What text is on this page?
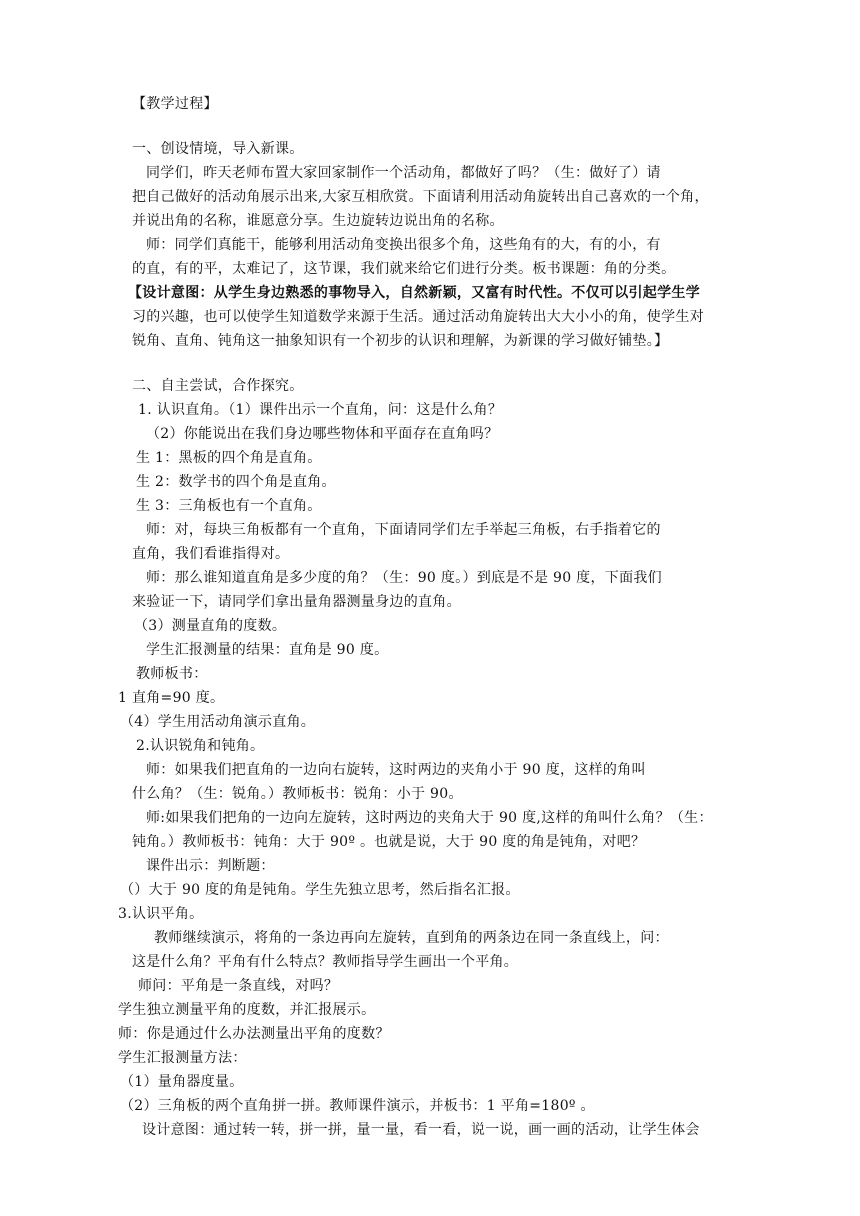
【教学过程】
一、创设情境，导入新课。
同学们，昨天老师布置大家回家制作一个活动角，都做好了吗？（生：做好了）请
把自己做好的活动角展示出来,大家互相欣赏。下面请利用活动角旋转出自己喜欢的一个角，
并说出角的名称，谁愿意分享。生边旋转边说出角的名称。
师：同学们真能干，能够利用活动角变换出很多个角，这些角有的大，有的小，有
的直，有的平，太难记了，这节课，我们就来给它们进行分类。板书课题：角的分类。
【设计意图：从学生身边熟悉的事物导入，自然新颖，又富有时代性。不仅可以引起学生学
习的兴趣，也可以使学生知道数学来源于生活。通过活动角旋转出大大小小的角，使学生对
锐角、直角、钝角这一抽象知识有一个初步的认识和理解，为新课的学习做好铺垫。】
二、自主尝试，合作探究。
1. 认识直角。（1）课件出示一个直角，问：这是什么角？
（2）你能说出在我们身边哪些物体和平面存在直角吗？
生 1：黑板的四个角是直角。
生 2：数学书的四个角是直角。
生 3：三角板也有一个直角。
师：对，每块三角板都有一个直角，下面请同学们左手举起三角板，右手指着它的
直角，我们看谁指得对。
师：那么谁知道直角是多少度的角？（生：90 度。）到底是不是 90 度，下面我们
来验证一下，请同学们拿出量角器测量身边的直角。
（3）测量直角的度数。
学生汇报测量的结果：直角是 90 度。
教师板书：
1 直角=90 度。
（4）学生用活动角演示直角。
2.认识锐角和钝角。
师：如果我们把直角的一边向右旋转，这时两边的夹角小于 90 度，这样的角叫
什么角？（生：锐角。）教师板书：锐角：小于 90。
师:如果我们把角的一边向左旋转，这时两边的夹角大于 90 度,这样的角叫什么角？（生：
钝角。）教师板书：钝角：大于 90º 。也就是说，大于 90 度的角是钝角，对吧？
课件出示：判断题：
（）大于 90 度的角是钝角。学生先独立思考，然后指名汇报。
3.认识平角。
教师继续演示，将角的一条边再向左旋转，直到角的两条边在同一条直线上，问：
这是什么角？平角有什么特点？教师指导学生画出一个平角。
师问：平角是一条直线，对吗？
学生独立测量平角的度数，并汇报展示。
师：你是通过什么办法测量出平角的度数？
学生汇报测量方法：
（1）量角器度量。
（2）三角板的两个直角拼一拼。教师课件演示，并板书：1 平角=180º 。
设计意图：通过转一转，拼一拼，量一量，看一看，说一说，画一画的活动，让学生体会
